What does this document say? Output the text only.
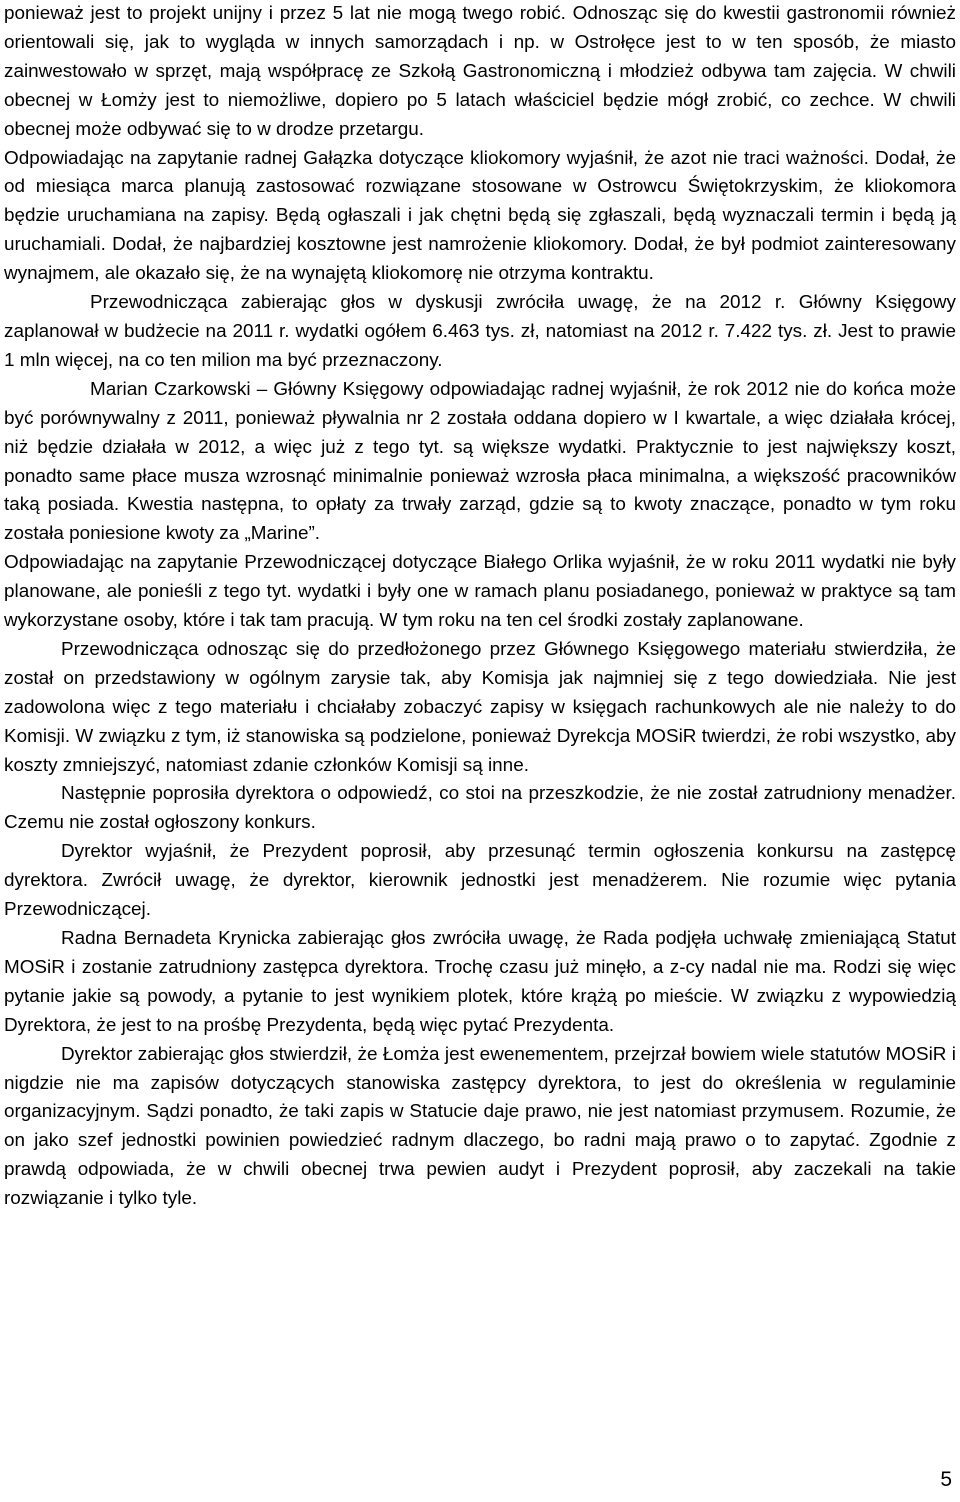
ponieważ jest to projekt unijny i przez 5 lat nie mogą twego robić. Odnosząc się do kwestii gastronomii również orientowali się, jak to wygląda w innych samorządach i np. w Ostrołęce jest to w ten sposób, że miasto zainwestowało w sprzęt, mają współpracę ze Szkołą Gastronomiczną i młodzież odbywa tam zajęcia. W chwili obecnej w Łomży jest to niemożliwe, dopiero po 5 latach właściciel będzie mógł zrobić, co zechce. W chwili obecnej może odbywać się to w drodze przetargu.

Odpowiadając na zapytanie radnej Gałązka dotyczące kliokomory wyjaśnił, że azot nie traci ważności. Dodał, że od miesiąca marca planują zastosować rozwiązane stosowane w Ostrowcu Świętokrzyskim, że kliokomora będzie uruchamiana na zapisy. Będą ogłaszali i jak chętni będą się zgłaszali, będą wyznaczali termin i będą ją uruchamiali. Dodał, że najbardziej kosztowne jest namrożenie kliokomory. Dodał, że był podmiot zainteresowany wynajmem, ale okazało się, że na wynajętą kliokomorę nie otrzyma kontraktu.

Przewodnicząca zabierając głos w dyskusji zwróciła uwagę, że na 2012 r. Główny Księgowy zaplanował w budżecie na 2011 r. wydatki ogółem 6.463 tys. zł, natomiast na 2012 r. 7.422 tys. zł. Jest to prawie 1 mln więcej, na co ten milion ma być przeznaczony.

Marian Czarkowski – Główny Księgowy odpowiadając radnej wyjaśnił, że rok 2012 nie do końca może być porównywalny z 2011, ponieważ pływalnia nr 2 została oddana dopiero w I kwartale, a więc działała krócej, niż będzie działała w 2012, a więc już z tego tyt. są większe wydatki. Praktycznie to jest największy koszt, ponadto same płace musza wzrosnąć minimalnie ponieważ wzrosła płaca minimalna, a większość pracowników taką posiada. Kwestia następna, to opłaty za trwały zarząd, gdzie są to kwoty znaczące, ponadto w tym roku została poniesione kwoty za „Marine”.

Odpowiadając na zapytanie Przewodniczącej dotyczące Białego Orlika wyjaśnił, że w roku 2011 wydatki nie były planowane, ale ponieśli z tego tyt. wydatki i były one w ramach planu posiadanego, ponieważ w praktyce są tam wykorzystane osoby, które i tak tam pracują. W tym roku na ten cel środki zostały zaplanowane.

Przewodnicząca odnosząc się do przedłożonego przez Głównego Księgowego materiału stwierdziła, że został on przedstawiony w ogólnym zarysie tak, aby Komisja jak najmniej się z tego dowiedziała. Nie jest zadowolona więc z tego materiału i chciałaby zobaczyć zapisy w księgach rachunkowych ale nie należy to do Komisji. W związku z tym, iż stanowiska są podzielone, ponieważ Dyrekcja MOSiR twierdzi, że robi wszystko, aby koszty zmniejszyć, natomiast zdanie członków Komisji są inne.

Następnie poprosiła dyrektora o odpowiedź, co stoi na przeszkodzie, że nie został zatrudniony menadżer. Czemu nie został ogłoszony konkurs.

Dyrektor wyjaśnił, że Prezydent poprosił, aby przesunąć termin ogłoszenia konkursu na zastępcę dyrektora. Zwrócił uwagę, że dyrektor, kierownik jednostki jest menadżerem. Nie rozumie więc pytania Przewodniczącej.

Radna Bernadeta Krynicka zabierając głos zwróciła uwagę, że Rada podjęła uchwałę zmieniającą Statut MOSiR i zostanie zatrudniony zastępca dyrektora. Trochę czasu już minęło, a z-cy nadal nie ma. Rodzi się więc pytanie jakie są powody, a pytanie to jest wynikiem plotek, które krążą po mieście. W związku z wypowiedzią Dyrektora, że jest to na prośbę Prezydenta, będą więc pytać Prezydenta.

Dyrektor zabierając głos stwierdził, że Łomża jest ewenementem, przejrzał bowiem wiele statutów MOSiR i nigdzie nie ma zapisów dotyczących stanowiska zastępcy dyrektora, to jest do określenia w regulaminie organizacyjnym. Sądzi ponadto, że taki zapis w Statucie daje prawo, nie jest natomiast przymusem. Rozumie, że on jako szef jednostki powinien powiedzieć radnym dlaczego, bo radni mają prawo o to zapytać. Zgodnie z prawdą odpowiada, że w chwili obecnej trwa pewien audyt i Prezydent poprosił, aby zaczekali na takie rozwiązanie i tylko tyle.

5
